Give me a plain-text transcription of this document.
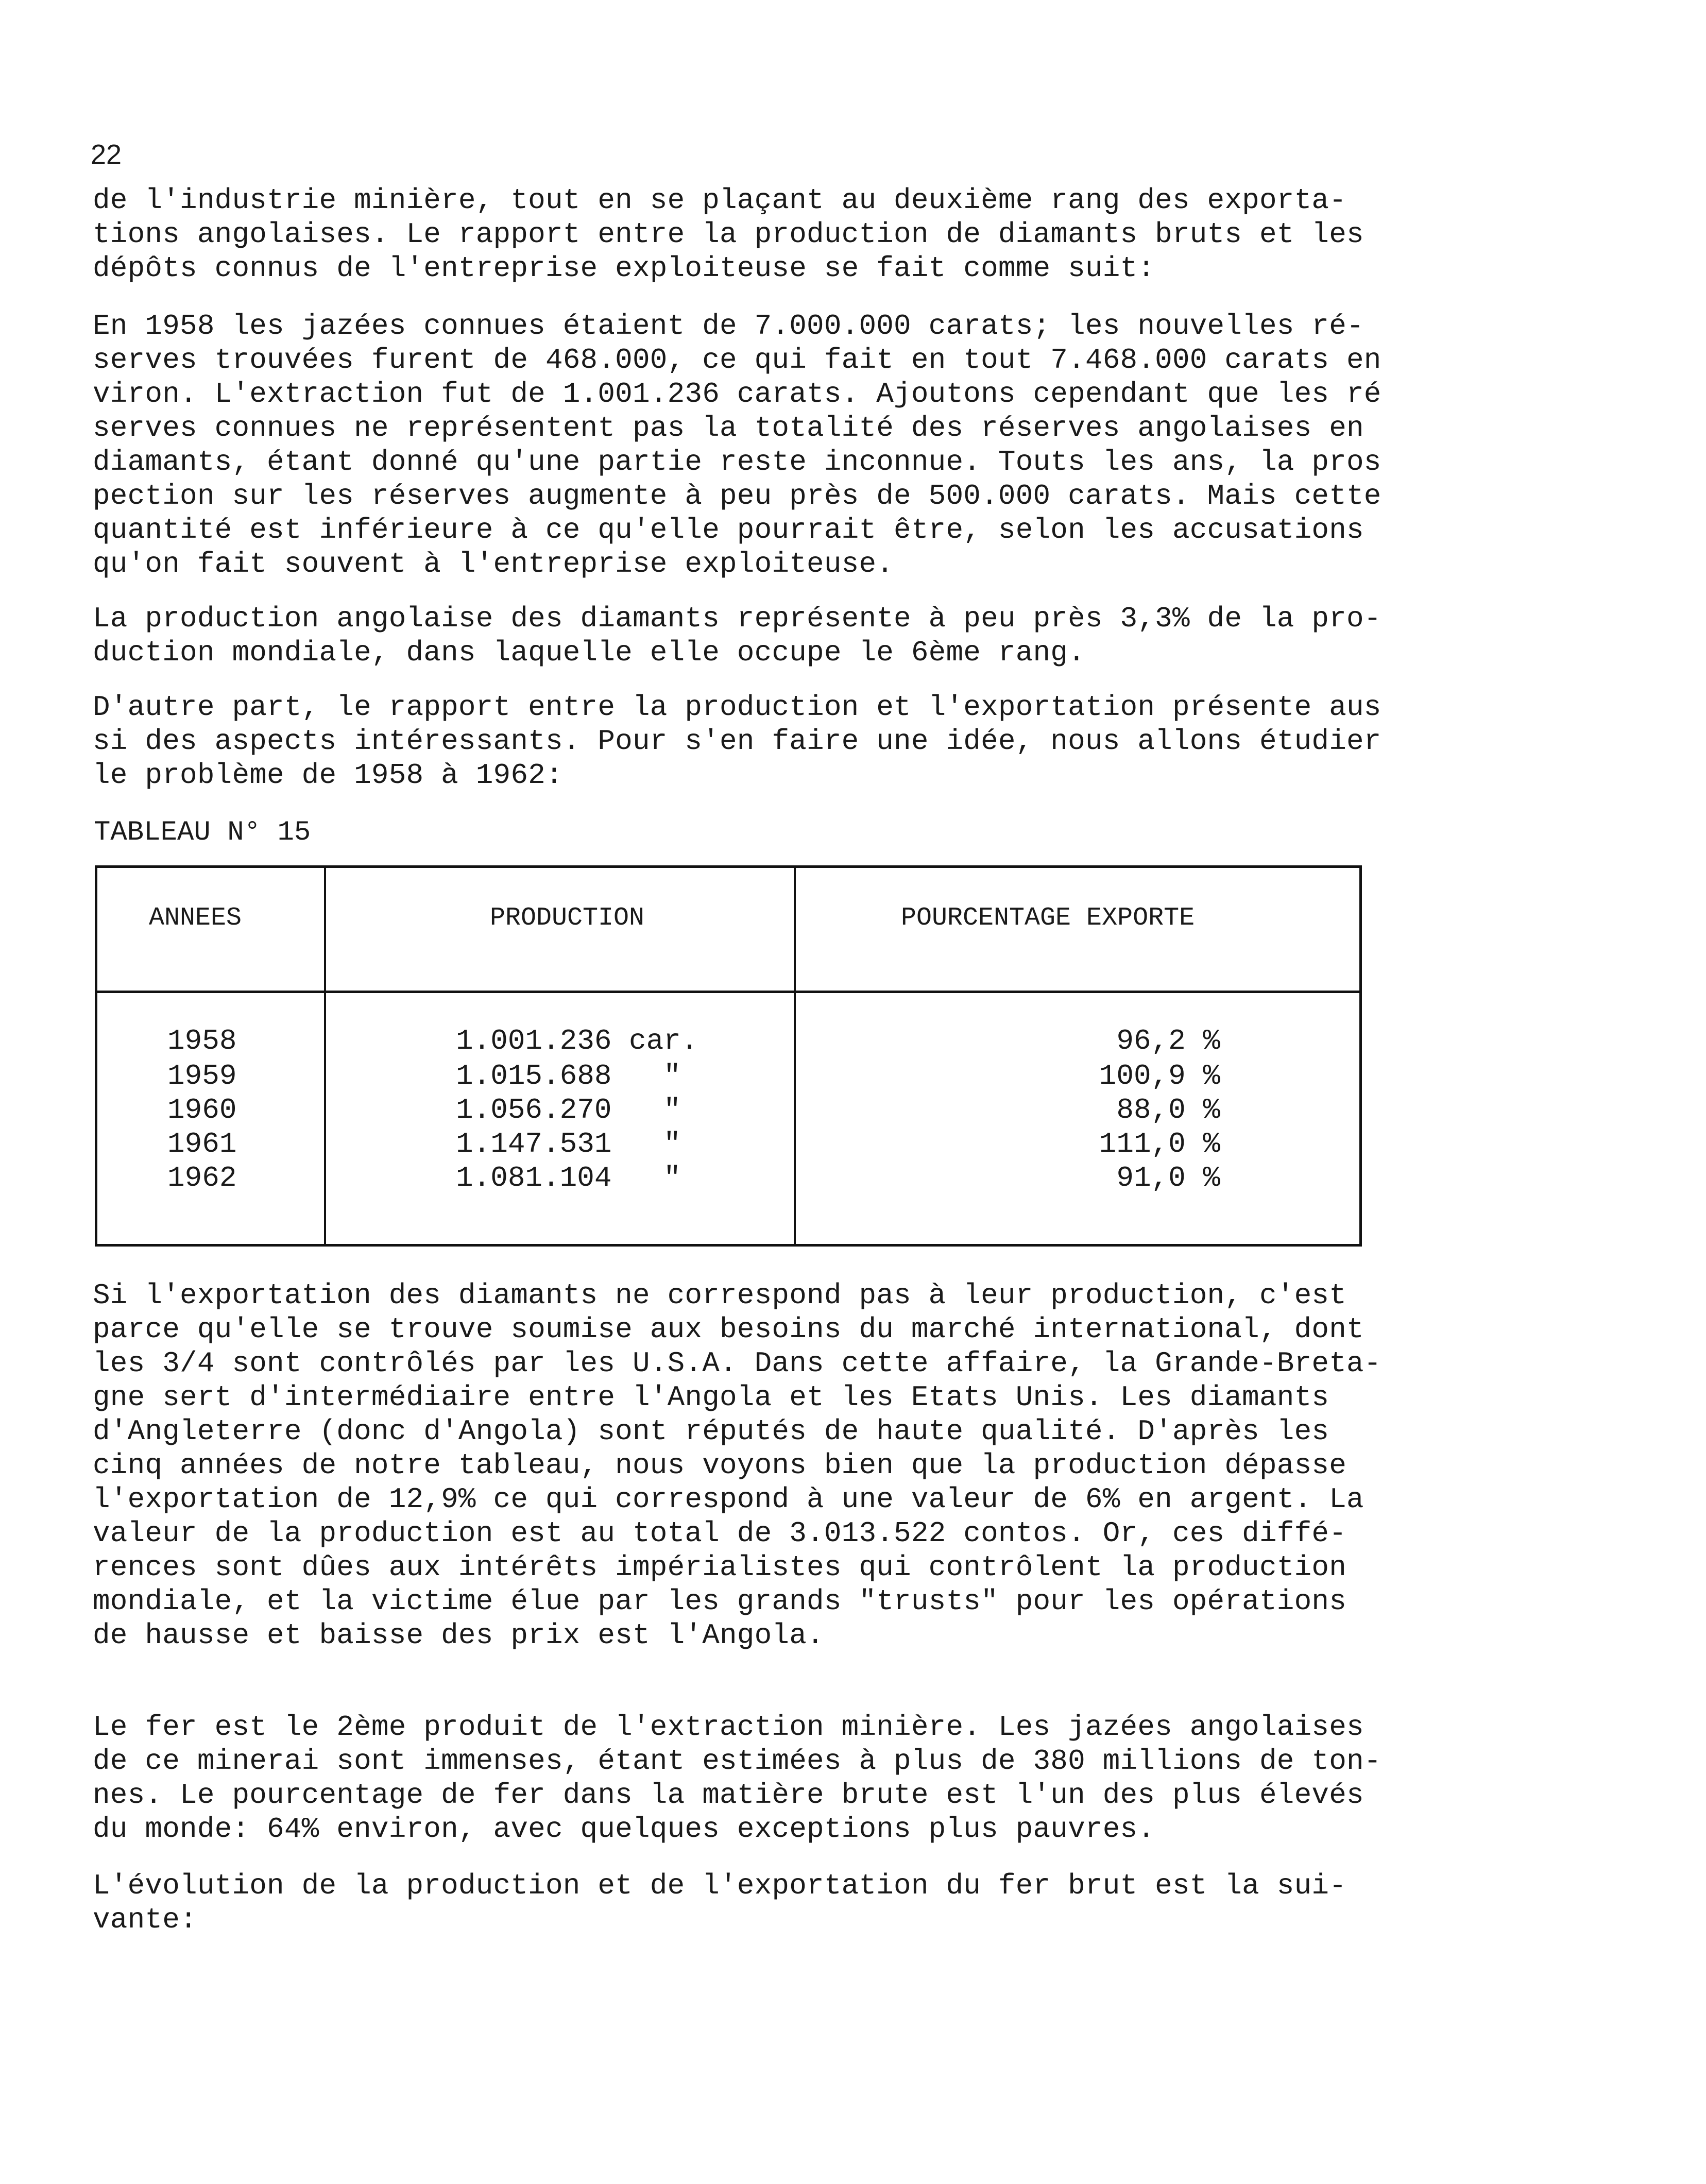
22
de l'industrie minière, tout en se plaçant au deuxième rang des exporta-
tions angolaises. Le rapport entre la production de diamants bruts et les
dépôts connus de l'entreprise exploiteuse se fait comme suit:
En 1958 les jazées connues étaient de 7.000.000 carats; les nouvelles ré-
serves trouvées furent de 468.000, ce qui fait en tout 7.468.000 carats en
viron. L'extraction fut de 1.001.236 carats. Ajoutons cependant que les ré
serves connues ne représentent pas la totalité des réserves angolaises en
diamants, étant donné qu'une partie reste inconnue. Touts les ans, la pros
pection sur les réserves augmente à peu près de 500.000 carats. Mais cette
quantité est inférieure à ce qu'elle pourrait être, selon les accusations
qu'on fait souvent à l'entreprise exploiteuse.
La production angolaise des diamants représente à peu près 3,3% de la pro-
duction mondiale, dans laquelle elle occupe le 6ème rang.
D'autre part, le rapport entre la production et l'exportation présente aus
si des aspects intéressants. Pour s'en faire une idée, nous allons étudier
le problème de 1958 à 1962:
TABLEAU N° 15
ANNEES	PRODUCTION	POURCENTAGE EXPORTE
1958	1.001.236 car.	96,2 %
1959	1.015.688   "	100,9 %
1960	1.056.270   "	88,0 %
1961	1.147.531   "	111,0 %
1962	1.081.104   "	91,0 %
Si l'exportation des diamants ne correspond pas à leur production, c'est
parce qu'elle se trouve soumise aux besoins du marché international, dont
les 3/4 sont contrôlés par les U.S.A. Dans cette affaire, la Grande-Breta-
gne sert d'intermédiaire entre l'Angola et les Etats Unis. Les diamants
d'Angleterre (donc d'Angola) sont réputés de haute qualité. D'après les
cinq années de notre tableau, nous voyons bien que la production dépasse
l'exportation de 12,9% ce qui correspond à une valeur de 6% en argent. La
valeur de la production est au total de 3.013.522 contos. Or, ces diffé-
rences sont dûes aux intérêts impérialistes qui contrôlent la production
mondiale, et la victime élue par les grands "trusts" pour les opérations
de hausse et baisse des prix est l'Angola.
Le fer est le 2ème produit de l'extraction minière. Les jazées angolaises
de ce minerai sont immenses, étant estimées à plus de 380 millions de ton-
nes. Le pourcentage de fer dans la matière brute est l'un des plus élevés
du monde: 64% environ, avec quelques exceptions plus pauvres.
L'évolution de la production et de l'exportation du fer brut est la sui-
vante:
